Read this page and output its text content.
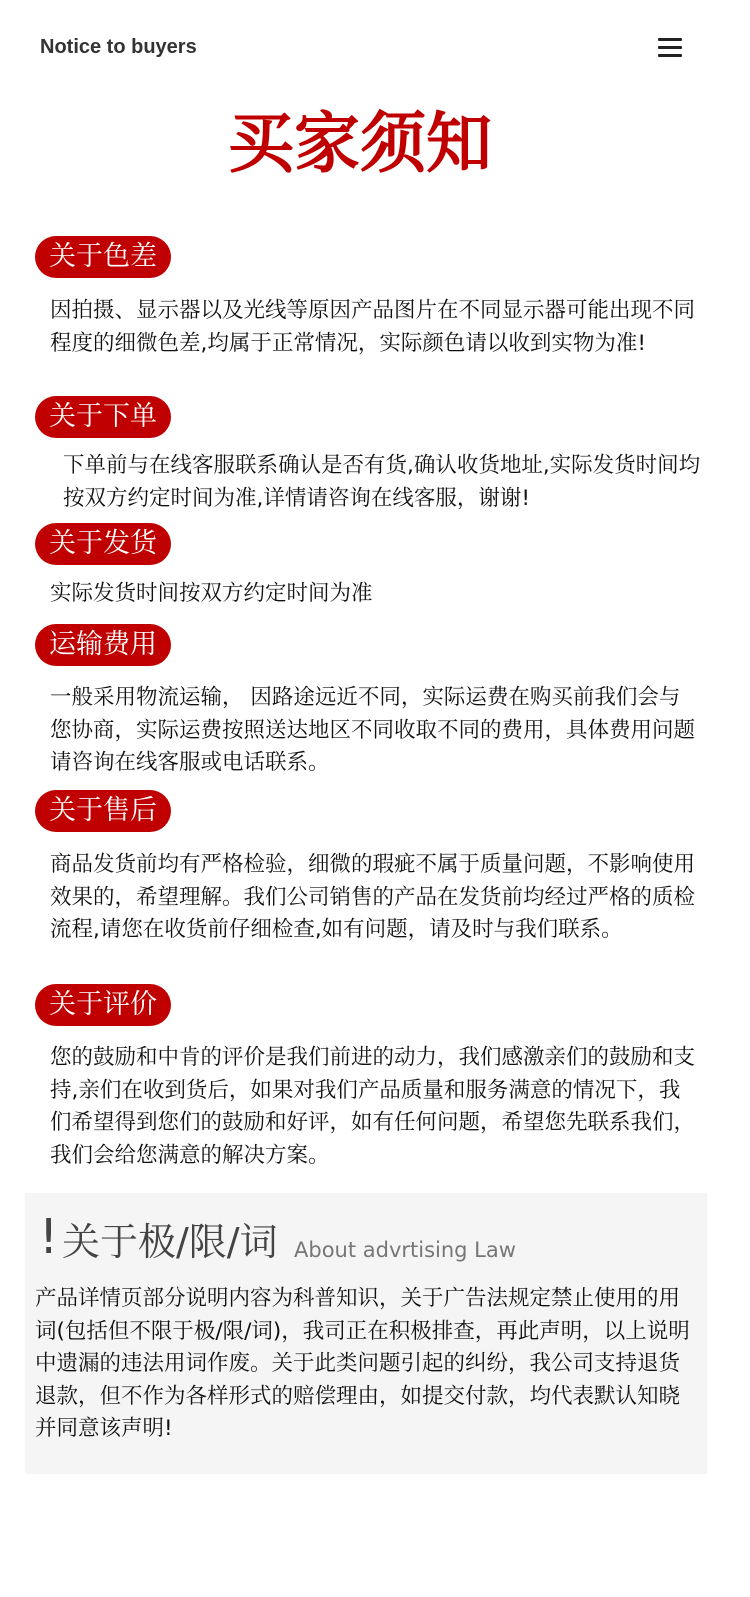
Notice to buyers
买家须知
关于色差
因拍摄、显示器以及光线等原因产品图片在不同显示器可能出现不同程度的细微色差,均属于正常情况，实际颜色请以收到实物为准!
关于下单
下单前与在线客服联系确认是否有货,确认收货地址,实际发货时间均按双方约定时间为准,详情请咨询在线客服，谢谢!
关于发货
实际发货时间按双方约定时间为准
运输费用
一般采用物流运输， 因路途远近不同，实际运费在购买前我们会与您协商，实际运费按照送达地区不同收取不同的费用，具体费用问题请咨询在线客服或电话联系。
关于售后
商品发货前均有严格检验，细微的瑕疵不属于质量问题，不影响使用效果的，希望理解。我们公司销售的产品在发货前均经过严格的质检流程,请您在收货前仔细检查,如有问题，请及时与我们联系。
关于评价
您的鼓励和中肯的评价是我们前进的动力，我们感激亲们的鼓励和支持,亲们在收到货后，如果对我们产品质量和服务满意的情况下，我们希望得到您们的鼓励和好评，如有任何问题，希望您先联系我们，我们会给您满意的解决方案。
! 关于极/限/词 About advrtising Law
产品详情页部分说明内容为科普知识，关于广告法规定禁止使用的用词(包括但不限于极/限/词)，我司正在积极排查，再此声明，以上说明中遗漏的违法用词作废。关于此类问题引起的纠纷，我公司支持退货退款，但不作为各样形式的赔偿理由，如提交付款，均代表默认知晓并同意该声明!
